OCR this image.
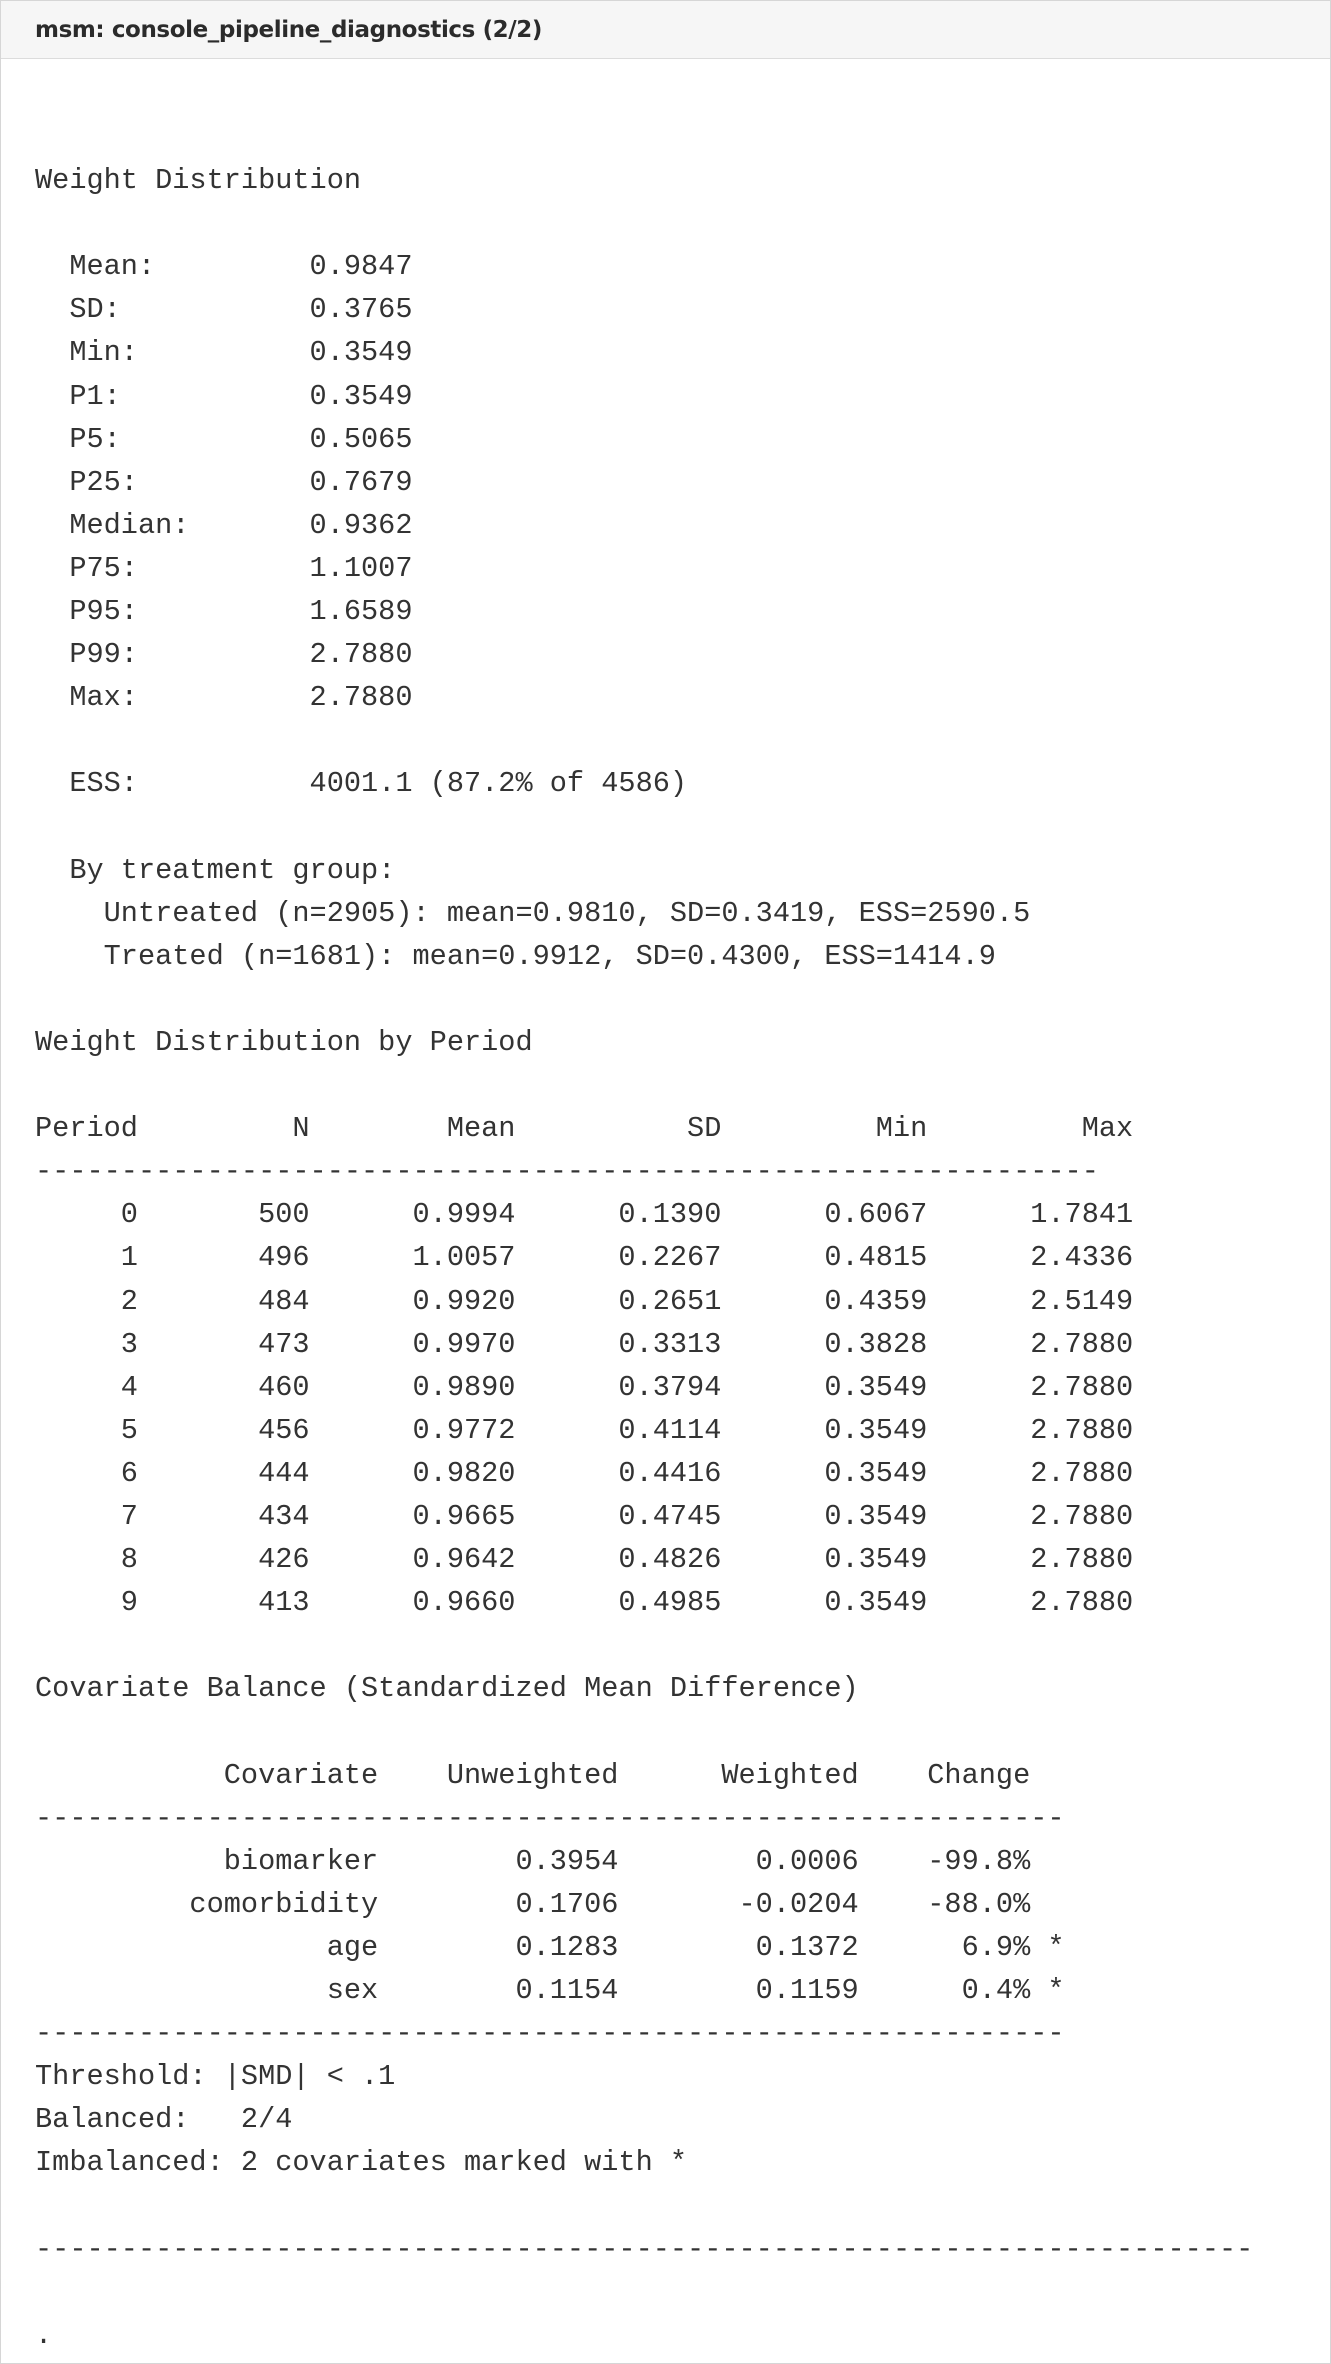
msm: console_pipeline_diagnostics (2/2)
Weight Distribution
Mean:         0.9847
SD:           0.3765
Min:          0.3549
P1:           0.3549
P5:           0.5065
P25:          0.7679
Median:       0.9362
P75:          1.1007
P95:          1.6589
P99:          2.7880
Max:          2.7880
ESS:          4001.1 (87.2% of 4586)
By treatment group:
Untreated (n=2905): mean=0.9810, SD=0.3419, ESS=2590.5
Treated (n=1681): mean=0.9912, SD=0.4300, ESS=1414.9
Weight Distribution by Period
Period         N        Mean          SD         Min         Max
--------------------------------------------------------------
0       500      0.9994      0.1390      0.6067      1.7841
1       496      1.0057      0.2267      0.4815      2.4336
2       484      0.9920      0.2651      0.4359      2.5149
3       473      0.9970      0.3313      0.3828      2.7880
4       460      0.9890      0.3794      0.3549      2.7880
5       456      0.9772      0.4114      0.3549      2.7880
6       444      0.9820      0.4416      0.3549      2.7880
7       434      0.9665      0.4745      0.3549      2.7880
8       426      0.9642      0.4826      0.3549      2.7880
9       413      0.9660      0.4985      0.3549      2.7880
Covariate Balance (Standardized Mean Difference)
Covariate    Unweighted      Weighted    Change
------------------------------------------------------------
biomarker        0.3954        0.0006    -99.8%
comorbidity        0.1706       -0.0204    -88.0%
age        0.1283        0.1372      6.9% *
sex        0.1154        0.1159      0.4% *
------------------------------------------------------------
Threshold: |SMD| < .1
Balanced:   2/4
Imbalanced: 2 covariates marked with *
-----------------------------------------------------------------------
.
